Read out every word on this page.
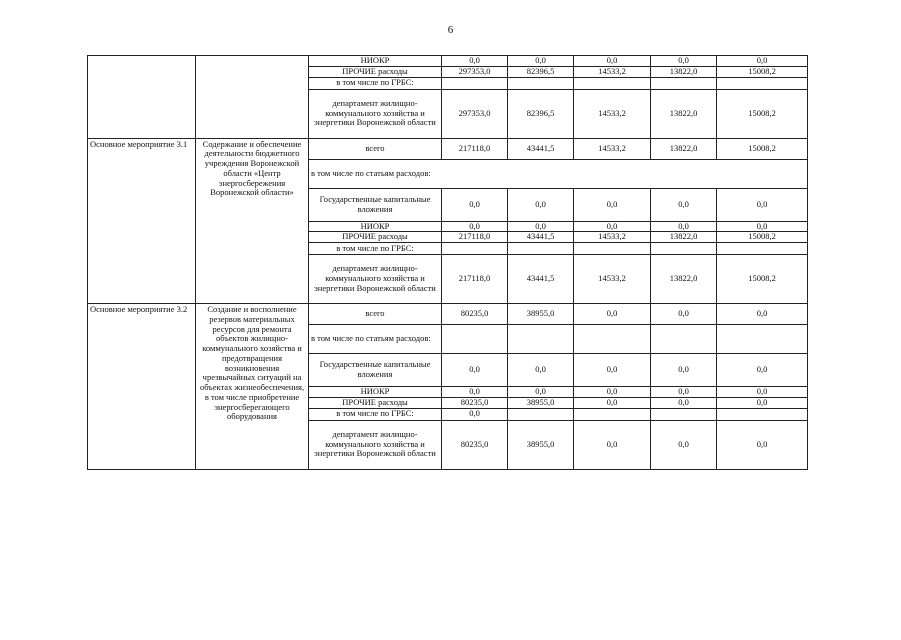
6
		НИОКР	0,0	0,0	0,0	0,0	0,0
		ПРОЧИЕ расходы	297353,0	82396,5	14533,2	13822,0	15008,2
		в том числе по ГРБС:					
		департамент жилищно-коммунального хозяйства и энергетики Воронежской области	297353,0	82396,5	14533,2	13822,0	15008,2
Основное мероприятие 3.1	Содержание и обеспечение деятельности бюджетного учреждения Воронежской области «Центр энергосбережения Воронежской области»	всего	217118,0	43441,5	14533,2	13822,0	15008,2
		в том числе по статьям расходов:					
		Государственные капитальные вложения	0,0	0,0	0,0	0,0	0,0
		НИОКР	0,0	0,0	0,0	0,0	0,0
		ПРОЧИЕ расходы	217118,0	43441,5	14533,2	13822,0	15008,2
		в том числе по ГРБС:					
		департамент жилищно-коммунального хозяйства и энергетики Воронежской области	217118,0	43441,5	14533,2	13822,0	15008,2
Основное мероприятие 3.2	Создание и восполнение резервов материальных ресурсов для ремонта объектов жилищно-коммунального хозяйства и предотвращения возникновения чрезвычайных ситуаций на объектах жизнеобеспечения, в том числе приобретение энергосберегающего оборудования	всего	80235,0	38955,0	0,0	0,0	0,0
		в том числе по статьям расходов:					
		Государственные капитальные вложения	0,0	0,0	0,0	0,0	0,0
		НИОКР	0,0	0,0	0,0	0,0	0,0
		ПРОЧИЕ расходы	80235,0	38955,0	0,0	0,0	0,0
		в том числе по ГРБС:	0,0				
		департамент жилищно-коммунального хозяйства и энергетики Воронежской области	80235,0	38955,0	0,0	0,0	0,0
